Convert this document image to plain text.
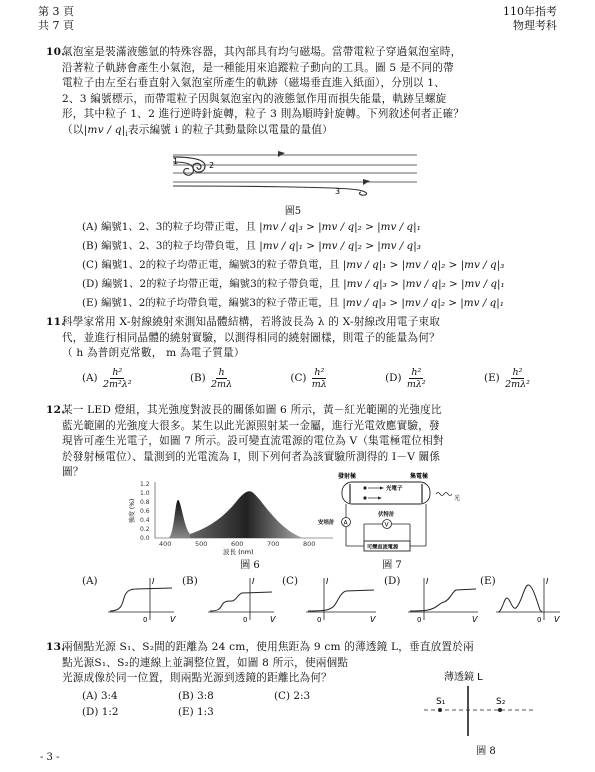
第 3 頁
共 7 頁
110年指考
物理考科
10.
氣泡室是裝滿液態氫的特殊容器，其內部具有均勻磁場。當帶電粒子穿過氣泡室時，
沿著粒子軌跡會產生小氣泡，是一種能用來追蹤粒子動向的工具。圖 5 是不同的帶
電粒子由左至右垂直射入氣泡室所產生的軌跡（磁場垂直進入紙面），分別以 1、
2、3 編號標示，而帶電粒子因與氣泡室內的液態氫作用而損失能量，軌跡呈螺旋
形，其中粒子 1、2 進行逆時針旋轉，粒子 3 則為順時針旋轉。下列敘述何者正確？
（以$|mv / q|_i$表示編號 i 的粒子其動量除以電量的量值）
1	2
3
圖5
(A) 編號1、2、3的粒子均帶正電，且 |mv / q|₃ > |mv / q|₂ > |mv / q|₁
(B) 編號1、2、3的粒子均帶負電，且 |mv / q|₁ > |mv / q|₂ > |mv / q|₃
(C) 編號1、2的粒子均帶正電，編號3的粒子帶負電，且 |mv / q|₁ > |mv / q|₂ > |mv / q|₃
(D) 編號1、2的粒子均帶正電，編號3的粒子帶負電，且 |mv / q|₃ > |mv / q|₂ > |mv / q|₁
(E) 編號1、2的粒子均帶負電，編號3的粒子帶正電，且 |mv / q|₃ > |mv / q|₂ > |mv / q|₁
11.
科學家常用 X-射線繞射來測知晶體結構，若將波長為 λ 的 X-射線改用電子束取
代，並進行相同晶體的繞射實驗，以測得相同的繞射圖樣，則電子的能量為何？
（ h 為普朗克常數， m 為電子質量）
(A)
$\frac{\text{h²}}{\text{2m²λ²}}$	(B)
$\frac{h}{2m\lambda}$	(C)
$\frac{\text{h²}}{m\lambda}$	(D)
$\frac{\text{h²}}{\text{mλ²}}$	(E)
$\frac{\text{h²}}{\text{2mλ²}}$
12.
某一 LED 燈組，其光強度對波長的關係如圖 6 所示，黃－紅光範圍的光強度比
藍光範圍的光強度大很多。某生以此光源照射某一金屬，進行光電效應實驗，發
現皆可產生光電子，如圖 7 所示。設可變直流電源的電位為 V（集電極電位相對
於發射極電位）、量測到的光電流為 I，則下列何者為該實驗所測得的 I－V 關係
圖？
1.2
1.0
0.8
0.6
0.4
0.2
0.0
強度 (%)
400	500	600	700	800
波長 (nm)
圖 6
發射極	集電極
光電子
光
A
安培計	V
伏特計
可變直流電源
圖 7
(A)	I
V
0
(B)	I
V
0
(C)	I
V
0
(D)	I
V
0
(E)	I
V
0
13.
兩個點光源 S₁、S₂間的距離為 24 cm，使用焦距為 9 cm 的薄透鏡 L，垂直放置於兩
點光源S₁、S₂的連線上並調整位置，如圖 8 所示，使兩個點
光源成像於同一位置，則兩點光源到透鏡的距離比為何？
(A) 3:4	(B) 3:8	(C) 2:3
(D) 1:2	(E) 1:3
薄透鏡 L
S₁	S₂
圖 8
- 3 -
